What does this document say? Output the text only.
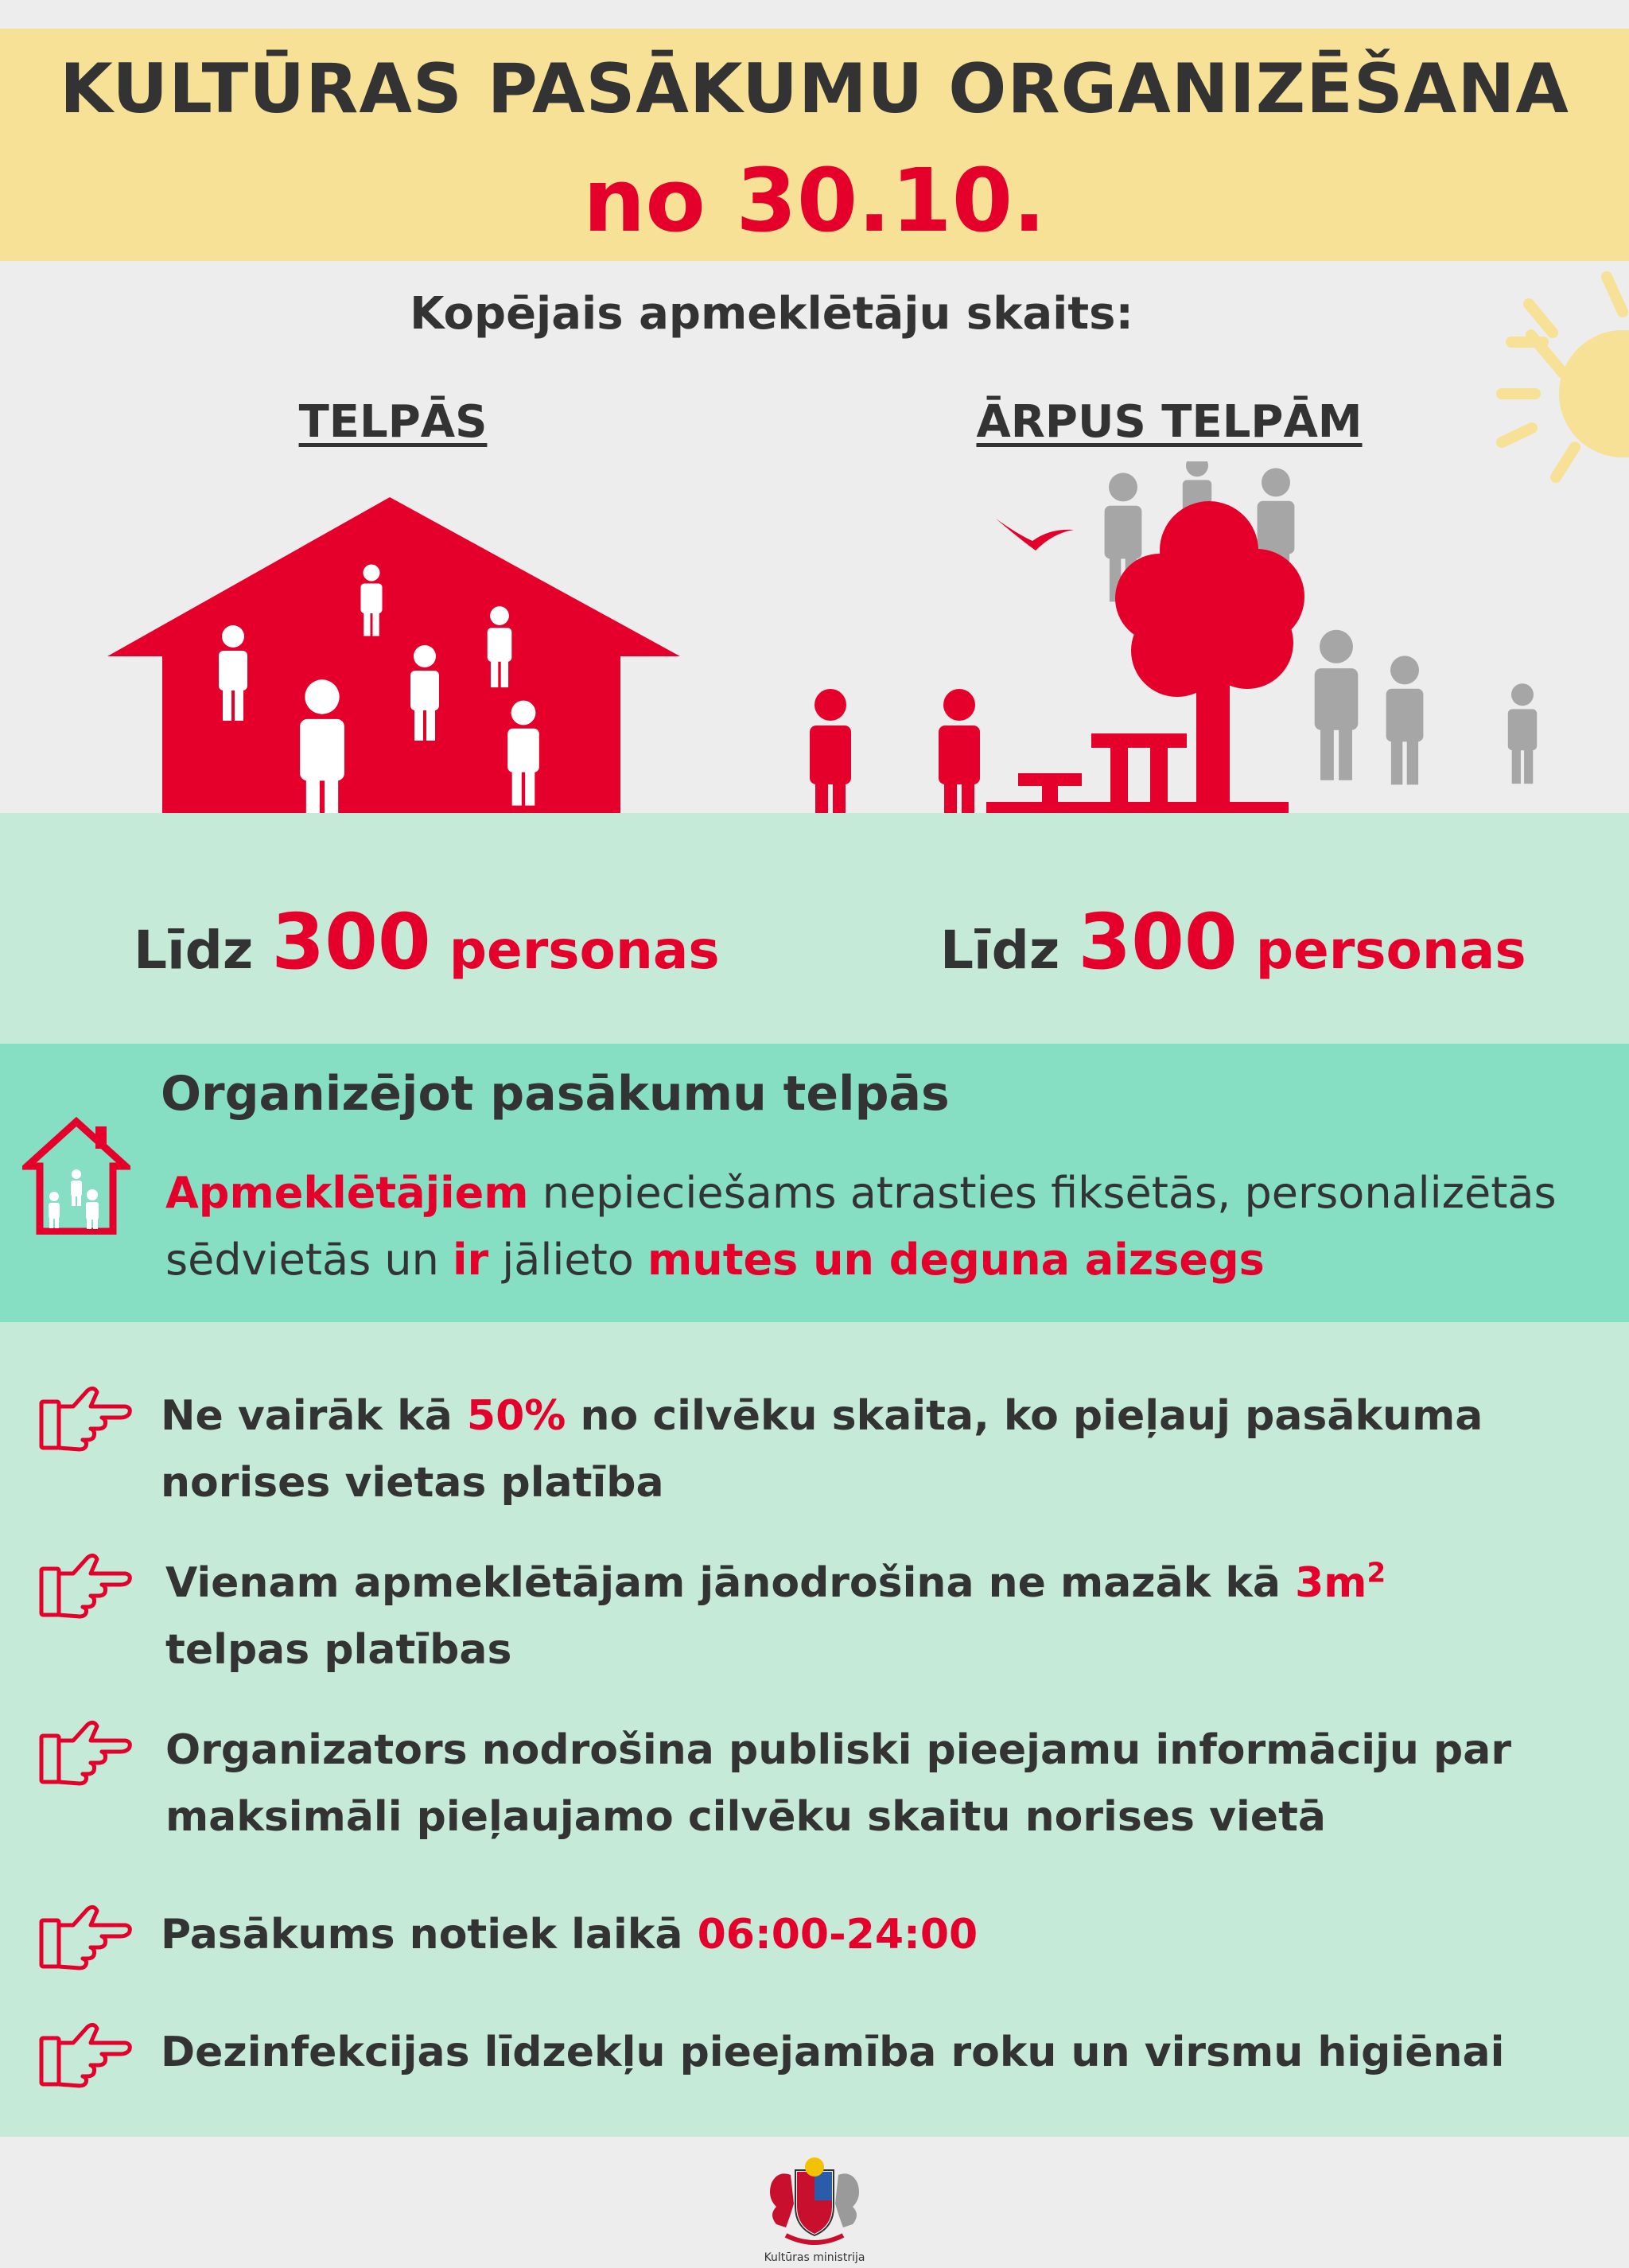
KULTŪRAS PASĀKUMU ORGANIZĒŠANA
no 30.10.
Kopējais apmeklētāju skaits:
TELPĀS	ĀRPUS TELPĀM
Līdz 300 personas	Līdz 300 personas
Organizējot pasākumu telpās
Apmeklētājiem nepieciešams atrasties fiksētās, personalizētās sēdvietās un ir jālieto mutes un deguna aizsegs
Ne vairāk kā 50% no cilvēku skaita, ko pieļauj pasākuma norises vietas platība
Vienam apmeklētājam jānodrošina ne mazāk kā $3m^2$
telpas platības
Organizators nodrošina publiski pieejamu informāciju par maksimāli pieļaujamo cilvēku skaitu norises vietā
Pasākums notiek laikā 06:00-24:00
Dezinfekcijas līdzekļu pieejamība roku un virsmu higiēnai
Kultūras ministrija
